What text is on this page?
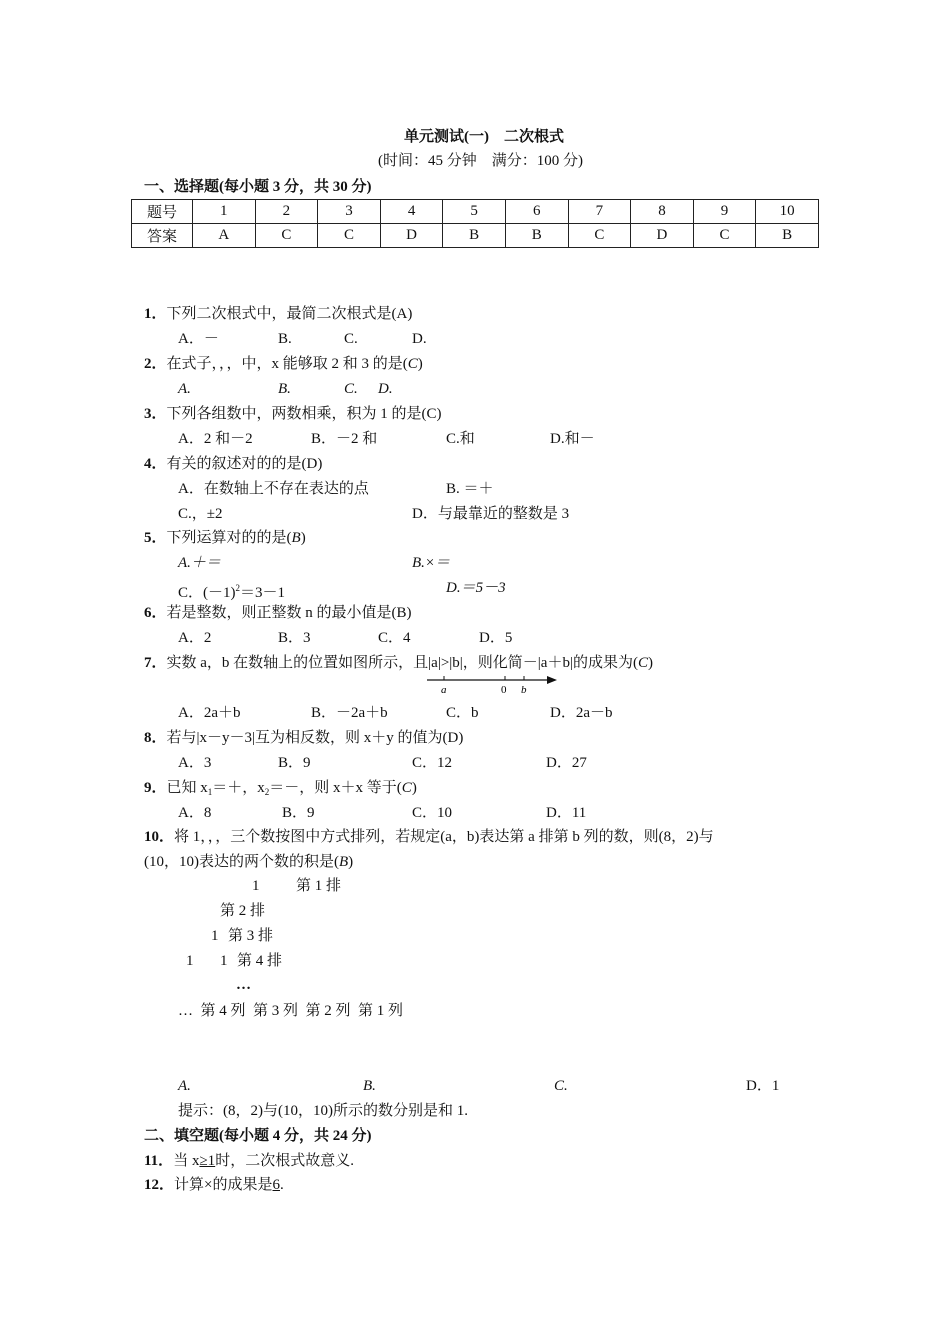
单元测试(一)　二次根式
(时间：45 分钟　满分：100 分)
一、选择题(每小题 3 分，共 30 分)
题号	1	2	3	4	5	6	7	8	9	10
答案	A	C	C	D	B	B	C	D	C	B
1．下列二次根式中，最简二次根式是(A)
A．－	B.	C.	D.
2．在式子，，，中，x 能够取 2 和 3 的是(C)
A.	B.	C. D.
3．下列各组数中，两数相乘，积为 1 的是(C)
A．2 和－2	B．－2 和	C.和	D.和－
4．有关的叙述对的的是(D)
A．在数轴上不存在表达的点	B. ＝＋
C.，±2	D．与最靠近的整数是 3
5．下列运算对的的是(B)
A.＋＝	B.×＝
C．$(-1)^2=3-1$	D.＝5－3
6．若是整数，则正整数 n 的最小值是(B)
A．2	B．3	C．4	D．5
7．实数 a，b 在数轴上的位置如图所示，且|a|>|b|，则化简－|a＋b|的成果为(C)
a	0 b
A．2a＋b	B．－2a＋b	C．b	D．2a－b
8．若与|x－y－3|互为相反数，则 x＋y 的值为(D)
A．3	B．9	C．12	D．27
9．已知 $x_1=+$，$x_2=-$，则 x＋x 等于(C)
A．8	B．9	C．10	D．11
10．将 1，，，三个数按图中方式排列，若规定(a，b)表达第 a 排第 b 列的数，则(8，2)与
(10，10)表达的两个数的积是(B)
1 第 1 排
第 2 排
1 第 3 排
1 1 第 4 排
…
…  第 4 列  第 3 列  第 2 列  第 1 列
A.	B.	C.	D．1
提示：(8，2)与(10，10)所示的数分别是和 1.
二、填空题(每小题 4 分，共 24 分)
11．当 x≥1时，二次根式故意义.
12．计算×的成果是6.
